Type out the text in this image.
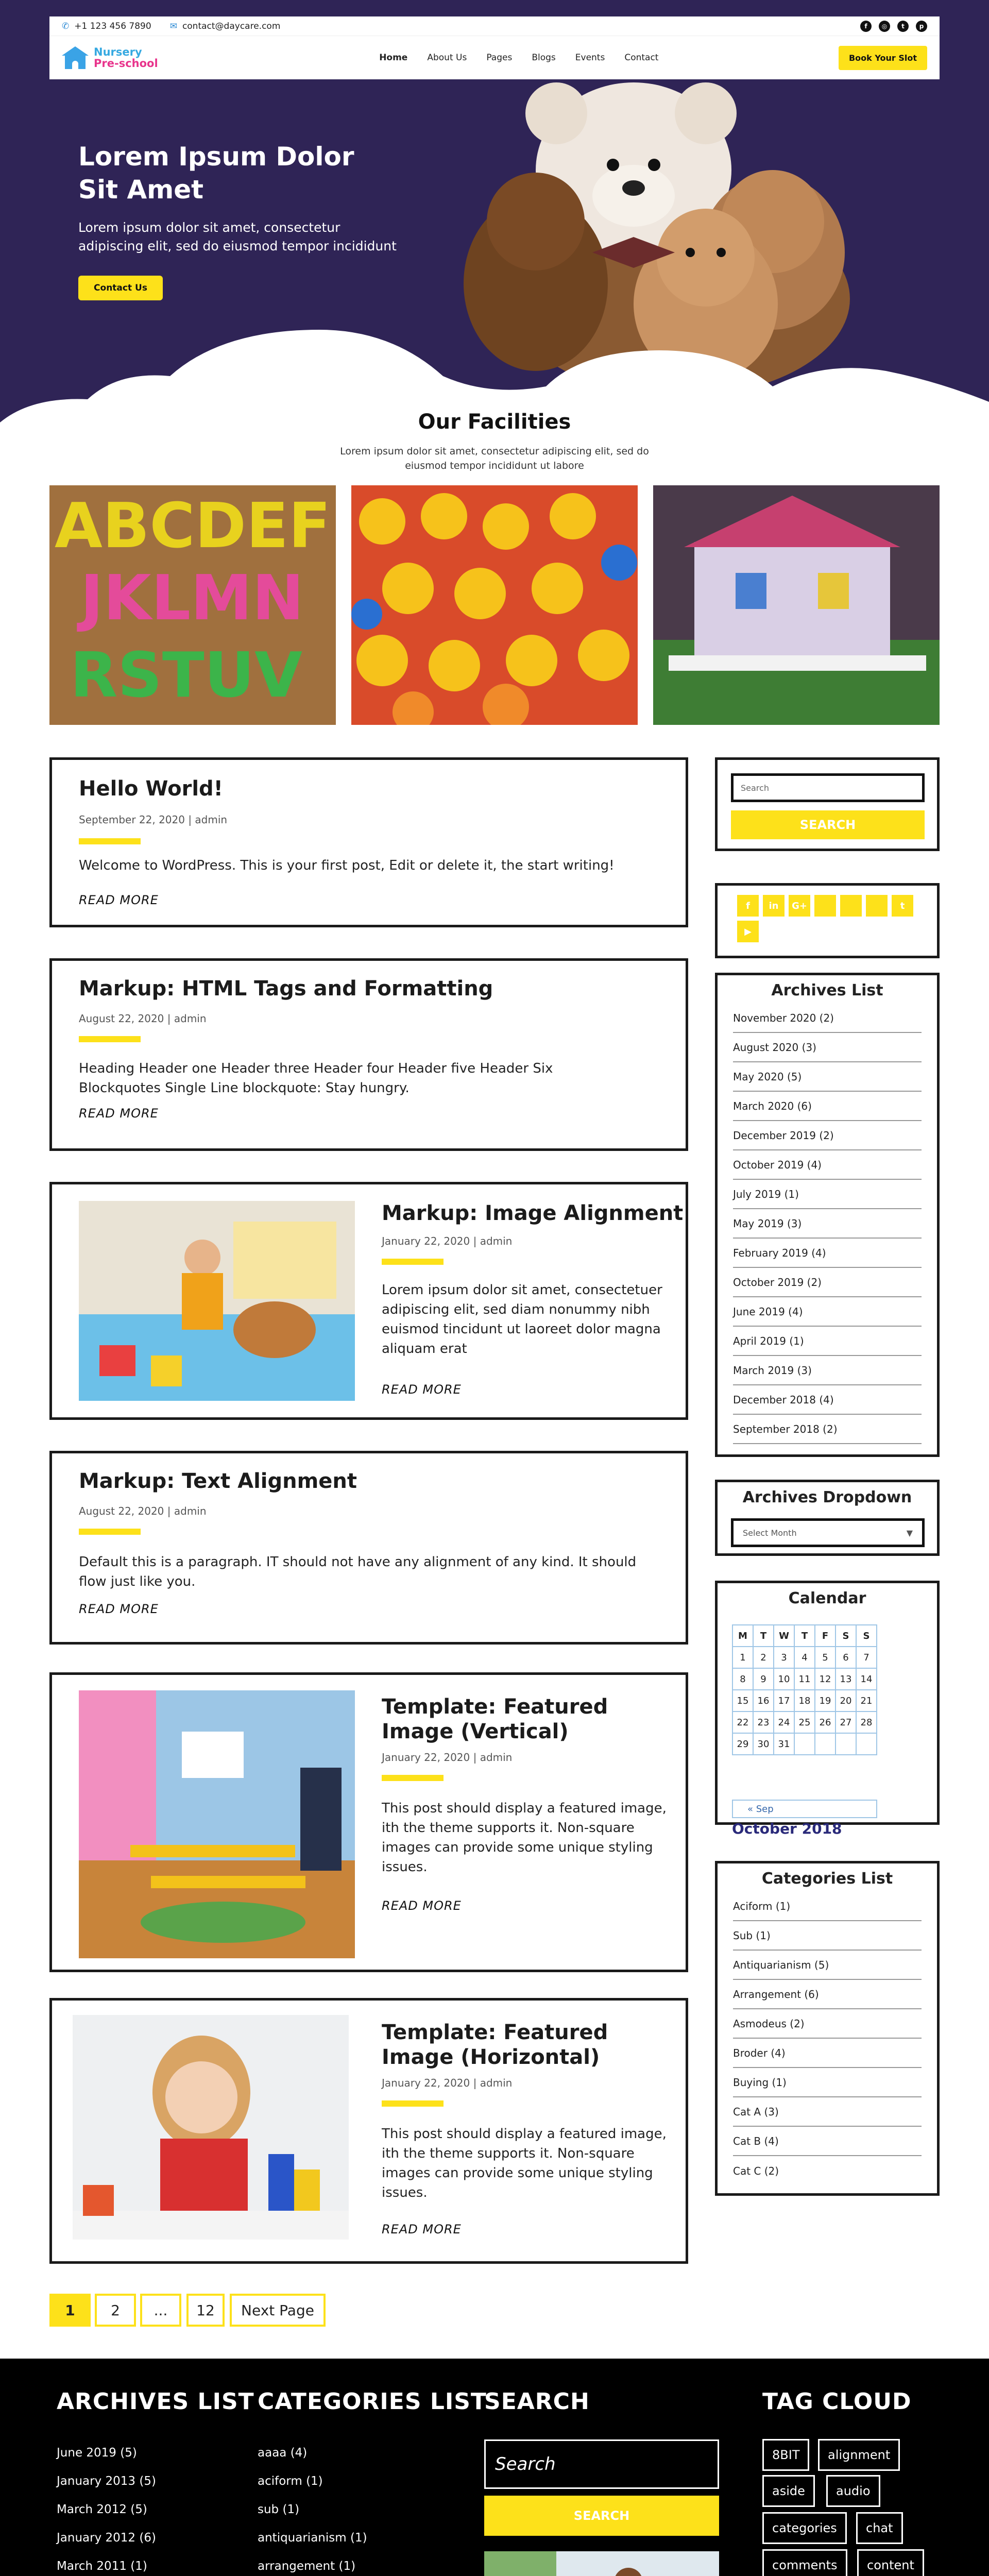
✆ +1 123 456 7890 ✉ contact@daycare.com	f	◎	t	p
Nursery
Pre-school	Home About Us Pages Blogs Events Contact	Book Your Slot
Lorem Ipsum Dolor Sit Amet
Lorem ipsum dolor sit amet, consectetur adipiscing elit, sed do eiusmod tempor incididunt
Contact Us
Our Facilities
Lorem ipsum dolor sit amet, consectetur adipiscing elit, sed do eiusmod tempor incididunt ut labore
ABCDEF
JKLMN
RSTUV
Hello World!
September 22, 2020 | admin
Welcome to WordPress. This is your first post, Edit or delete it, the start writing!
READ MORE
Markup: HTML Tags and Formatting
August 22, 2020 | admin
Heading Header one Header three Header four Header five Header Six Blockquotes Single Line blockquote: Stay hungry.
READ MORE
Markup: Image Alignment
January 22, 2020 | admin
Lorem ipsum dolor sit amet, consectetuer adipiscing elit, sed diam nonummy nibh euismod tincidunt ut laoreet dolor magna aliquam erat
READ MORE
Markup: Text Alignment
August 22, 2020 | admin
Default this is a paragraph. IT should not have any alignment of any kind. It should flow just like you.
READ MORE
Template: Featured Image (Vertical)
January 22, 2020 | admin
This post should display a featured image, ith the theme supports it. Non-square images can provide some unique styling issues.
READ MORE
Template: Featured Image (Horizontal)
January 22, 2020 | admin
This post should display a featured image, ith the theme supports it. Non-square images can provide some unique styling issues.
READ MORE
Search
SEARCH
f	in	G+	t
▶
Archives List
November 2020 (2)
August 2020 (3)
May 2020 (5)
March 2020 (6)
December 2019 (2)
October 2019 (4)
July 2019 (1)
May 2019 (3)
February 2019 (4)
October 2019 (2)
June 2019 (4)
April 2019 (1)
March 2019 (3)
December 2018 (4)
September 2018 (2)
Archives Dropdown
Select Month	▼
Calendar
M	T	W	T	F	S	S
1	2	3	4	5	6	7
8	9	10	11	12	13	14
15	16	17	18	19	20	21
22	23	24	25	26	27	28
29	30	31				
« Sep
October 2018
Categories List
Aciform (1)
Sub (1)
Antiquarianism (5)
Arrangement (6)
Asmodeus (2)
Broder (4)
Buying (1)
Cat A (3)
Cat B (4)
Cat C (2)
1	2	...	12	Next Page
ARCHIVES LIST
June 2019 (5)
January 2013 (5)
March 2012 (5)
January 2012 (6)
March 2011 (1)
CATEGORIES LIST
aaaa (4)
aciform (1)
sub (1)
antiquarianism (1)
arrangement (1)
SEARCH
Search
SEARCH
TAG CLOUD
8BIT	alignment
aside	audio
categories	chat
comments	content
